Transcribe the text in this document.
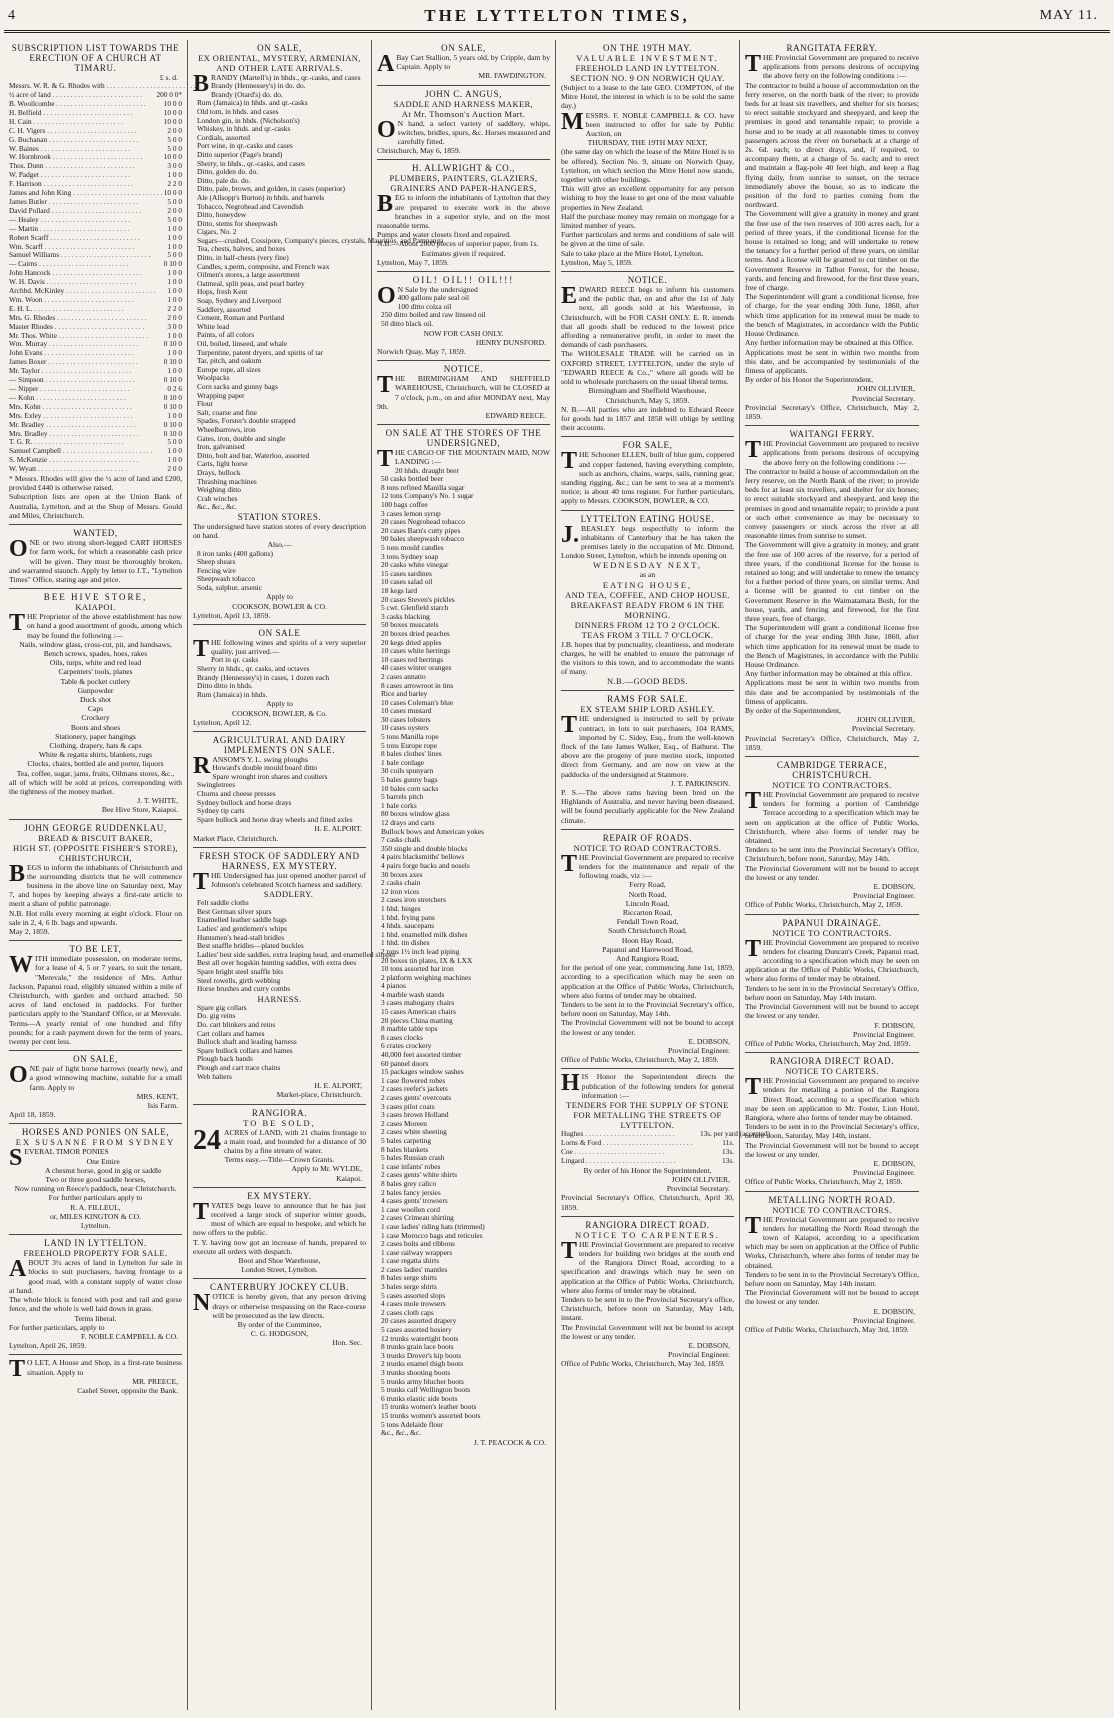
4	THE LYTTELTON TIMES,	MAY 11.
SUBSCRIPTION LIST TOWARDS THE ERECTION OF A CHURCH AT TIMARU.
£ s. d.
Messrs. W. R. & G. Rhodes with . . .
½ acre of land . . .	200 0 0*
B. Woollcombe . . .	10 0 0
H. Belfield . . .	10 0 0
H. Cain . . .	10 0 0
C. H. Vigers . . .	2 0 0
G. Buchanan . . .	5 0 0
W. Baines . . .	5 0 0
W. Hornbrook . . .	10 0 0
Thos. Dunn . . .	3 0 0
W. Padget . . .	1 0 0
F. Harrison . . .	2 2 0
James and John King . . .	10 0 0
James Butler . . .	5 0 0
David Pollard . . .	2 0 0
— Healey . . .	5 0 0
— Martin . . .	1 0 0
Robert Scarff . . .	1 0 0
Wm. Scarff . . .	1 0 0
Samuel Williams . . .	5 0 0
— Cairns . . .	0 10 0
John Hancock . . .	1 0 0
W. H. Davis . . .	1 0 0
Archbd. McKinley . . .	1 0 0
Wm. Woon . . .	1 0 0
E. H. L. . . .	2 2 0
Mrs. G. Rhodes . . .	2 0 0
Master Rhodes . . .	3 0 0
Mr. Thos. White . . .	1 0 0
Wm. Murray . . .	0 10 0
John Evans . . .	1 0 0
James Boxer . . .	0 10 0
Mr. Taylor . . .	1 0 0
— Simpson . . .	0 10 0
— Nipper . . .	0 2 6
— Kohn . . .	0 10 0
Mrs. Kohn . . .	0 10 0
Mrs. Exley . . .	1 0 0
Mr. Bradley . . .	0 10 0
Mrs. Bradley . . .	0 10 0
T. G. R. . . .	5 0 0
Samuel Campbell . . .	1 0 0
S. McKenzie . . .	1 0 0
W. Wyatt . . .	2 0 0
* Messrs. Rhodes will give the ½ acre of land and £200, provided £440 is otherwise raised.
Subscription lists are open at the Union Bank of Australia, Lyttelton, and at the Shop of Messrs. Gould and Miles, Christchurch.
WANTED,
ONE or two strong short-legged CART HORSES for farm work, for which a reasonable cash price will be given. They must be thoroughly broken, and warranted staunch. Apply by letter to J.T., "Lyttelton Times" Office, stating age and price.
BEE HIVE STORE,
KAIAPOI.
THE Proprietor of the above establishment has now on hand a good assortment of goods, among which may be found the following :—
Nails, window glass, cross-cut, pit, and handsaws,
Bench screws, spades, hoes, rakes
Oils, turps, white and red lead
Carpenters' tools, planes
Table & pocket cutlery
Gunpowder
Duck shot
Caps
Crockery
Boots and shoes
Stationery, paper hangings
Clothing, drapery, hats & caps
White & regatta shirts, blankets, rugs
Clocks, chairs, bottled ale and porter, liquors
Tea, coffee, sugar, jams, fruits, Oilmans stores, &c.,
all of which will be sold at prices, corresponding with the tightness of the money market.
J. T. WHITE,
Bee Hive Store, Kaiapoi.
JOHN GEORGE RUDDENKLAU,
BREAD & BISCUIT BAKER,
HIGH ST. (OPPOSITE FISHER'S STORE), CHRISTCHURCH,
BEGS to inform the inhabitants of Christchurch and the surrounding districts that he will commence business in the above line on Saturday next, May 7, and hopes by keeping always a first-rate article to merit a share of public patronage.
N.B. Hot rolls every morning at eight o'clock. Flour on sale in 2, 4, 6 lb. bags and upwards.
May 2, 1859.
TO BE LET,
WITH immediate possession, on moderate terms, for a lease of 4, 5 or 7 years, to suit the tenant, "Merevale," the residence of Mrs. Arthur Jackson, Papanui road, eligibly situated within a mile of Christchurch, with garden and orchard attached. 50 acres of land enclosed in paddocks. For further particulars apply to the 'Standard' Office, or at Merevale.
Terms—A yearly rental of one hundred and fifty pounds; for a cash payment down for the term of years, twenty per cent less.
ON SALE,
ONE pair of light horse harrows (nearly new), and a good winnowing machine, suitable for a small farm. Apply to
MRS. KENT,
Isis Farm.
April 18, 1859.
HORSES AND PONIES ON SALE,
EX SUSANNE FROM SYDNEY
SEVERAL TIMOR PONIES
One Entire
A chesnut horse, good in gig or saddle
Two or three good saddle horses,
Now running on Reece's paddock, near Christchurch.
For further particulars apply to
R. A. FILLEUL,
or, MILES KINGTON & CO.
Lyttelton.
LAND IN LYTTELTON.
FREEHOLD PROPERTY FOR SALE.
ABOUT 3½ acres of land in Lyttelton for sale in blocks to suit purchasers, having frontage to a good road, with a constant supply of water close at hand.
The whole block is fenced with post and rail and gorse fence, and the whole is well laid down in grass.
Terms liberal.
For further particulars, apply to
F. NOBLE CAMPBELL & CO.
Lyttelton, April 26, 1859.
T O LET, A House and Shop, in a first-rate business situation. Apply to
MR. PREECE,
Cashel Street, opposite the Bank.
ON SALE,
EX ORIENTAL, MYSTERY, ARMENIAN, AND OTHER LATE ARRIVALS.
BRANDY (Martell's) in hhds., qr.-casks, and cases
Brandy (Hennessey's) in do. do.
Brandy (Otard's) do. do.
Rum (Jamaica) in hhds. and qr.-casks
Old tom, in hhds. and cases
London gin, in hhds. (Nicholson's)
Whiskey, in hhds. and qr.-casks
Cordials, assorted
Port wine, in qr.-casks and cases
Ditto superior (Page's brand)
Sherry, in hhds., qr.-casks, and cases
Ditto, golden do. do.
Ditto, pale do. do.
Ditto, pale, brown, and golden, in cases (superior)
Ale (Allsopp's Burton) in hhds. and barrels
Tobacco, Negrohead and Cavendish
Ditto, honeydew
Ditto, stems for sheepwash
Cigars, No. 2
Sugars—crushed, Cossipore, Company's pieces, crystals, Mauritius, and Pampanga
Tea, chests, halves, and boxes
Ditto, in half-chests (very fine)
Candles, s.perm, composite, and French wax
Oilmen's stores, a large assortment
Oatmeal, split peas, and pearl barley
Hops, fresh Kent
Soap, Sydney and Liverpool
Saddlery, assorted
Cement, Roman and Portland
White lead
Paints, of all colors
Oil, boiled, linseed, and whale
Turpentine, patent dryers, and spirits of tar
Tar, pitch, and oakum
Europe rope, all sizes
Woolpacks
Corn sacks and gunny bags
Wrapping paper
Flour
Salt, coarse and fine
Spades, Forster's double strapped
Wheelbarrows, iron
Gates, iron, double and single
Iron, galvanised
Ditto, bolt and bar, Waterloo, assorted
Carts, light horse
Drays, bullock
Thrashing machines
Weighing ditto
Crab winches
&c., &c., &c.
STATION STORES.
The undersigned have station stores of every description on hand.
Also,—
8 iron tanks (400 gallons)
Sheep shears
Fencing wire
Sheepwash tobacco
Soda, sulphur, arsenic
Apply to
COOKSON, BOWLER & CO.
Lyttelton, April 13, 1859.
ON SALE
THE following wines and spirits of a very superior quality, just arrived.—
Port in qr. casks
Sherry in hhds., qr. casks, and octaves
Brandy (Hennessey's) in cases, 1 dozen each
Ditto ditto in hhds.
Rum (Jamaica) in hhds.
Apply to
COOKSON, BOWLER, & Co.
Lyttelton, April 12.
AGRICULTURAL AND DAIRY IMPLEMENTS ON SALE.
RANSOM'S Y. L. swing ploughs
Howard's double mould board ditto
Spare wrought iron shares and coulters
Swingletrees
Churns and cheese presses
Sydney bullock and horse drays
Sydney tip carts
Spare bullock and horse dray wheels and fitted axles
H. E. ALPORT.
Market Place, Christchurch.
FRESH STOCK OF SADDLERY AND HARNESS, EX MYSTERY.
THE Undersigned has just opened another parcel of Johnson's celebrated Scotch harness and saddlery.
SADDLERY.
Felt saddle cloths
Best German silver spurs
Enamelled leather saddle bags
Ladies' and gentlemen's whips
Huntsmen's head-stall bridles
Best snaffle bridles—plated buckles
Ladies' best side saddles, extra leaping head, and enamelled slipper
Best all over hogskin hunting saddles, with extra dees
Spare bright steel snaffle bits
Steel rowells, girth webbing
Horse brushes and curry combs
HARNESS.
Spare gig collars
Do. gig reins
Do. cart blinkers and reins
Cart collars and hames
Bullock shaft and leading harness
Spare bullock collars and hames
Plough back bands
Plough and cart trace chains
Web halters
H. E. ALPORT,
Market-place, Christchurch.
RANGIORA.
TO BE SOLD,
24 ACRES of LAND, with 21 chains frontage to a main road, and bounded for a distance of 30 chains by a fine stream of water.
Terms easy.—Title—Crown Grants.
Apply to Mr. WYLDE,
Kaiapoi.
EX MYSTERY.
TYATES begs leave to announce that he has just received a large stock of superior winter goods, most of which are equal to bespoke, and which he now offers to the public.
T. Y. having now got an increase of hands, prepared to execute all orders with despatch.
Boot and Shoe Warehouse,
London Street, Lyttelton.
CANTERBURY JOCKEY CLUB.
NOTICE is hereby given, that any person driving drays or otherwise trespassing on the Race-course will be prosecuted as the law directs.
By order of the Committee,
C. G. HODGSON,
Hon. Sec.
ON SALE,
A Bay Cart Stallion, 5 years old, by Cripple, dam by Captain. Apply to
MR. FAWDINGTON.
JOHN C. ANGUS,
SADDLE AND HARNESS MAKER,
At Mr. Thomson's Auction Mart.
O N hand, a select variety of saddlery, whips, switches, bridles, spurs, &c. Horses measured and carefully fitted.
Christchurch, May 6, 1859.
H. ALLWRIGHT & CO.,
PLUMBERS, PAINTERS, GLAZIERS, GRAINERS AND PAPER-HANGERS,
BEG to inform the inhabitants of Lyttelton that they are prepared to execute work in the above branches in a superior style, and on the most reasonable terms.
Pumps and water closets fixed and repaired.
N.B.—About 2000 pieces of superior paper, from 1s.
Estimates given if required.
Lyttelton, May 7, 1859.
OIL! OIL!! OIL!!!
O N Sale by the undersigned
400 gallons pale seal oil
100 ditto colza oil
250 ditto boiled and raw linseed oil
50 ditto black oil.
NOW FOR CASH ONLY.
HENRY DUNSFORD.
Norwich Quay, May 7, 1859.
NOTICE.
THE BIRMINGHAM AND SHEFFIELD WAREHOUSE, Christchurch, will be CLOSED at 7 o'clock, p.m., on and after MONDAY next, May 9th.
EDWARD REECE.
ON SALE AT THE STORES OF THE UNDERSIGNED,
THE CARGO OF THE MOUNTAIN MAID, NOW LANDING :—
20 hhds. draught beer
50 casks bottled beer
8 tons refined Manilla sugar
12 tons Company's No. 1 sugar
100 bags coffee
3 cases lemon syrup
20 cases Negrohead tobacco
20 cases Barn's cutty pipes
90 bales sheepwash tobacco
5 tons mould candles
3 tons Sydney soap
20 casks white vinegar
15 cases sardines
10 cases salad oil
18 kegs lard
20 cases Steven's pickles
5 cwt. Glenfield starch
3 casks blacking
50 boxes muscatels
20 boxes dried peaches
20 kegs dried apples
10 cases white herrings
10 cases red herrings
40 cases winter oranges
2 cases annatto
8 cases arrowroot in tins
Rice and barley
10 cases Coleman's blue
10 cases mustard
30 cases lobsters
10 cases oysters
5 tons Manilla rope
5 tons Europe rope
8 bales clothes' lines
1 bale cordage
30 coils spunyarn
5 bales gunny bags
10 bales corn sacks
5 barrels pitch
1 bale corks
80 boxes window glass
12 drays and carts
Bullock bows and American yokes
7 casks chalk
350 single and double blocks
4 pairs blacksmiths' bellows
4 pairs forge backs and nosels
30 boxes axes
2 casks chain
12 iron vices
2 cases iron stretchers
1 hhd. hinges
1 hhd. frying pans
4 hhds. saucepans
1 hhd. enamelled milk dishes
1 hhd. tin dishes
2 tons 1½ inch lead piping
20 boxes tin plates, IX & LXX
10 tons assorted bar iron
2 platform weighing machines
4 pianos
4 marble wash stands
3 cases mahogany chairs
15 cases American chairs
20 pieces China matting
8 marble table tops
8 cases clocks
6 crates crockery
40,000 feet assorted timber
60 pannel doors
15 packages window sashes
1 case flowered robes
2 cases reefer's jackets
2 cases gents' overcoats
3 cases pilot coats
3 cases brown Holland
2 cases Moreen
2 cases white sheeting
5 bales carpeting
8 bales blankets
5 bales Russian crash
1 case infants' robes
2 cases gents' white shirts
8 bales grey calico
2 bales fancy jersies
4 cases gents' trowsers
1 case woollen cord
2 cases Crimean shirting
1 case ladies' riding hats (trimmed)
1 case Morocco bags and reticules
2 cases bolts and ribbons
1 case railway wrappers
1 case regatta shirts
2 cases ladies' mantles
8 bales serge shirts
3 bales serge shirts
5 cases assorted slops
4 cases mole trowsers
2 cases cloth caps
20 cases assorted drapery
5 cases assorted hosiery
12 trunks watertight boots
8 trunks grain lace boots
3 trunks Drover's kip boots
2 trunks enamel thigh boots
3 trunks shooting boots
5 trunks army blucher boots
5 trunks calf Wellington boots
6 trunks elastic side boots
15 trunks women's leather boots
15 trunks women's assorted boots
5 tons Adelaide flour
&c., &c., &c.
J. T. PEACOCK & CO.
ON THE 19TH MAY.
VALUABLE INVESTMENT.
FREEHOLD LAND IN LYTTELTON.
SECTION NO. 9 ON NORWICH QUAY.
(Subject to a lease to the late GEO. COMPTON, of the Mitre Hotel, the interest in which is to be sold the same day.)
MESSRS. F. NOBLE CAMPBELL & CO. have been instructed to offer for sale by Public Auction, on
THURSDAY, THE 19TH MAY NEXT,
(the same day on which the lease of the Mitre Hotel is to be offered), Section No. 9, situate on Norwich Quay, Lyttelton, on which section the Mitre Hotel now stands, together with other buildings.
This will give an excellent opportunity for any person wishing to buy the lease to get one of the most valuable properties in New Zealand.
Half the purchase money may remain on mortgage for a limited number of years.
Further particulars and terms and conditions of sale will be given at the time of sale.
Sale to take place at the Mitre Hotel, Lyttelton.
Lyttelton, May 5, 1859.
NOTICE.
EDWARD REECE begs to inform his customers and the public that, on and after the 1st of July next, all goods sold at his Warehouse, in Christchurch, will be FOR CASH ONLY. E. R. intends that all goods shall be reduced to the lowest price affording a remunerative profit, in order to meet the demands of cash purchasers.
The WHOLESALE TRADE will be carried on in OXFORD STREET, LYTTELTON, under the style of "EDWARD REECE & Co.," where all goods will be sold to wholesale purchasers on the usual liberal terms.
Birmingham and Sheffield Warehouse,
Christchurch, May 5, 1859.
N. B.—All parties who are indebted to Edward Reece for goods had in 1857 and 1858 will oblige by settling their accounts.
FOR SALE,
THE Schooner ELLEN, built of blue gum, coppered and copper fastened, having everything complete, such as anchors, chains, warps, sails, running gear, standing rigging, &c.; can be sent to sea at a moment's notice; is about 40 tons register. For further particulars, apply to Messrs. COOKSON, BOWLER, & CO.
LYTTELTON EATING HOUSE.
J. BEASLEY begs respectfully to inform the inhabitants of Canterbury that he has taken the premises lately in the occupation of Mr. Dimond, London Street, Lyttelton, which he intends opening on
WEDNESDAY NEXT,
as an
EATING HOUSE,
AND TEA, COFFEE, AND CHOP HOUSE.
BREAKFAST READY FROM 6 IN THE MORNING.
DINNERS FROM 12 TO 2 O'CLOCK.
TEAS FROM 3 TILL 7 O'CLOCK.
J.B. hopes that by punctuality, cleanliness, and moderate charges, he will be enabled to ensure the patronage of the visitors to this town, and to accommodate the wants of many.
N.B.—GOOD BEDS.
RAMS FOR SALE.
EX STEAM SHIP LORD ASHLEY.
THE undersigned is instructed to sell by private contract, in lots to suit purchasers, 104 RAMS, imported by C. Sidey, Esq., from the well-known flock of the late James Walker, Esq., of Bathurst. The above are the progeny of pure merino stock, imported direct from Germany, and are now on view at the paddocks of the undersigned at Stanmore.
J. T. PARKINSON.
P. S.—The above rams having been bred on the Highlands of Australia, and never having been diseased, will be found peculiarly applicable for the New Zealand climate.
REPAIR OF ROADS.
NOTICE TO ROAD CONTRACTORS.
THE Provincial Government are prepared to receive tenders for the maintenance and repair of the following roads, viz :—
Ferry Road,
North Road,
Lincoln Road,
Riccarton Road,
Fendall Town Road,
South Christchurch Road,
Hoon Hay Road,
Papanui and Harewood Road,
And Rangiora Road,
for the period of one year, commencing June 1st, 1859, according to a specification which may be seen on application at the Office of Public Works, Christchurch, where also forms of tender may be obtained.
Tenders to be sent in to the Provincial Secretary's office, before noon on Saturday, May 14th.
The Provincial Government will not be bound to accept the lowest or any tender.
E. DOBSON,
Provincial Engineer.
Office of Public Works, Christchurch, May 2, 1859.
HIS Honor the Superintendent directs the publication of the following tenders for general information :—
TENDERS FOR THE SUPPLY OF STONE FOR METALLING THE STREETS OF LYTTELTON.
Hughes . . .	13s. per yard (accepted)
Lorns & Ford . . .	11s.
Coe . . .	13s.
Lingard . . .	13s.
By order of his Honor the Superintendent,
JOHN OLLIVIER,
Provincial Secretary.
Provincial Secretary's Office, Christchurch, April 30, 1859.
RANGIORA DIRECT ROAD.
NOTICE TO CARPENTERS.
THE Provincial Government are prepared to receive tenders for building two bridges at the south end of the Rangiora Direct Road, according to a specification and drawings which may be seen on application at the Office of Public Works, Christchurch, where also forms of tender may be obtained.
Tenders to be sent in to the Provincial Secretary's office, Christchurch, before noon on Saturday, May 14th, instant.
The Provincial Government will not be bound to accept the lowest or any tender.
E. DOBSON,
Provincial Engineer.
Office of Public Works, Christchurch, May 3rd, 1859.
RANGITATA FERRY.
THE Provincial Government are prepared to receive applications from persons desirous of occupying the above ferry on the following conditions :—
The contractor to build a house of accommodation on the ferry reserve, on the north bank of the river; to provide beds for at least six travellers, and shelter for six horses; to erect suitable stockyard and sheepyard, and keep the premises in good and tenantable repair; to provide a horse and to be ready at all reasonable times to convey passengers across the river on horseback at a charge of 2s. 6d. each; to direct drays, and, if required, to accompany them, at a charge of 5s. each; and to erect and maintain a flag-pole 40 feet high, and keep a flag flying daily, from sunrise to sunset, on the terrace immediately above the house, so as to indicate the position of the ford to parties coming from the northward.
The Government will give a gratuity in money and grant the free use of the two reserves of 100 acres each, for a period of three years, if the conditional license for the house is retained so long; and will undertake to renew the tenancy for a further period of three years, on similar terms. And a license will be granted to cut timber on the Government Reserve in Talbot Forest, for the house, yards, and fencing and firewood, for the first three years, free of charge.
The Superintendent will grant a conditional license, free of charge, for the year ending 30th June, 1860, after which time application for its renewal must be made to the bench of Magistrates, in accordance with the Public House Ordinance.
Any further information may be obtained at this Office.
Applications must be sent in within two months from this date, and be accompanied by testimonials of the fitness of applicants.
By order of his Honor the Superintendent,
JOHN OLLIVIER,
Provincial Secretary.
Provincial Secretary's Office, Christchurch, May 2, 1859.
WAITANGI FERRY.
THE Provincial Government are prepared to receive applications from persons desirous of occupying the above ferry on the following conditions :—
The contractor to build a house of accommodation on the ferry reserve, on the North Bank of the river; to provide beds for at least six travellers, and shelter for six horses; to erect suitable stockyard and sheepyard, and keep the premises in good and tenantable repair; to provide a punt or such other convenience as may be necessary to convey passengers or stock across the river at all reasonable times from sunrise to sunset.
The Government will give a gratuity in money, and grant the free use of 100 acres of the reserve, for a period of three years, if the conditional license for the house is retained so long; and will undertake to renew the tenancy for a further period of three years, on similar terms. And a license will be granted to cut timber on the Government Reserve in the Waimatamata Bush, for the house, yards, and fencing and firewood, for the first three years, free of charge.
The Superintendent will grant a conditional license free of charge for the year ending 30th June, 1860, after which time application for its renewal must be made to the Bench of Magistrates, in accordance with the Public House Ordinance.
Any further information may be obtained at this office.
Applications must be sent in within two months from this date and be accompanied by testimonials of the fitness of applicants.
By order of the Superintendent,
JOHN OLLIVIER,
Provincial Secretary.
Provincial Secretary's Office, Christchurch, May 2, 1859.
CAMBRIDGE TERRACE, CHRISTCHURCH.
NOTICE TO CONTRACTORS.
THE Provincial Government are prepared to receive tenders for forming a portion of Cambridge Terrace according to a specification which may be seen on application at the office of Public Works, Christchurch, where also forms of tender may be obtained.
Tenders to be sent into the Provincial Secretary's Office, Christchurch, before noon, Saturday, May 14th.
The Provincial Government will not be bound to accept the lowest or any tender.
E. DOBSON,
Provincial Engineer.
Office of Public Works, Christchurch, May 2, 1859.
PAPANUI DRAINAGE.
NOTICE TO CONTRACTORS.
THE Provincial Government are prepared to receive tenders for clearing Duncan's Creek, Papanui road, according to a specification which may be seen on application at the Office of Public Works, Christchurch, where also forms of tender may be obtained.
Tenders to be sent in to the Provincial Secretary's Office, before noon on Saturday, May 14th instant.
The Provincial Government will not be bound to accept the lowest or any tender.
F. DOBSON,
Provincial Engineer.
Office of Public Works, Christchurch, May 2nd, 1859.
RANGIORA DIRECT ROAD.
NOTICE TO CARTERS.
THE Provincial Government are prepared to receive tenders for metalling a portion of the Rangiora Direct Road, according to a specification which may be seen on application to Mr. Foster, Lion Hotel, Rangiora, where also forms of tender may be obtained.
Tenders to be sent in to the Provincial Secretary's office, before noon, Saturday, May 14th, instant.
The Provincial Government will not be bound to accept the lowest or any tender.
E. DOBSON,
Provincial Engineer.
Office of Public Works, Christchurch, May 2, 1859.
METALLING NORTH ROAD.
NOTICE TO CONTRACTORS.
THE Provincial Government are prepared to receive tenders for metalling the North Road through the town of Kaiapoi, according to a specification which may be seen on application at the Office of Public Works, Christchurch, where also forms of tender may be obtained.
Tenders to be sent in to the Provincial Secretary's Office, before noon on Saturday, May 14th instant.
The Provincial Government will not be bound to accept the lowest or any tender.
E. DOBSON,
Provincial Engineer.
Office of Public Works, Christchurch, May 3rd, 1859.
